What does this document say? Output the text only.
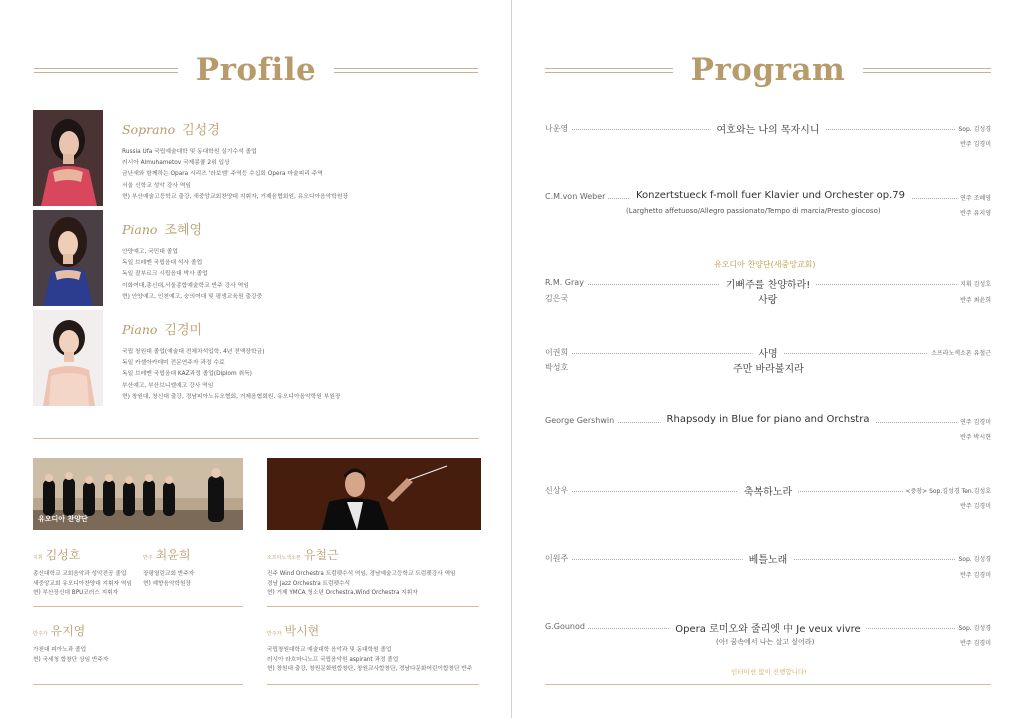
Profile
Soprano 김성경
Russia Ufa 국립예술대학 및 동대학원 실기수석 졸업
러시아 Almuhametov 국제콩쿨 2위 입상
금난새와 함께하는 Opara 시리즈 '라보엠' 주역등 수십회 Opera 마술피리 주역
서울 신학교 성악 강사 역임
현) 부산예술고등학교 출강, 새중앙교회찬양대 지휘자, 거제음협회원, 유오디아음악학원장
Piano 조혜영
안양예고, 국민대 졸업
독일 브레멘 국립음대 석사 졸업
독일 잘부르크 시립음대 박사 졸업
이화여대,총신대,서울종합예술학교 반주 강사 역임
현) 안양예고, 인천예고, 숭의여대 및 평생교육원 출강중
Piano 김경미
국립 창원대 졸업(예술대 전체차석입학, 4년 전액장학금)
독일 카셀아카데미 전문연주자 과정 수료
독일 브레멘 국립음대 KAZ과정 졸업(Diplom 취득)
부산예고, 부산브니엘예고 강사 역임
현) 창원대, 창신대 출강, 경남피아노듀오협회, 거제음협회원, 유오디아음악학원 부원장
유오디아 찬양단
지휘 김성호
총신대학교 교회음악과 성악전공 졸업
새중앙교회 유오디아찬양대 지휘자 역임
현) 부산장신대 BPU코러스 지휘자
반주 최윤희
장평열린교회 반주자
현) 예향음악학원장
소프라노색소폰 유철근
진주 Wind Orchestra 트럼펫수석 역임, 경남예술고등학교 트럼펫강사 역임
경남 Jazz Orchestra 트럼펫수석
현) 거제 YMCA 청소년 Orchestra,Wind Orchestra 지휘자
반주자 유지영
가천대 피아노과 졸업
현) 국세청 합창단 상임 반주자
반주자 박시현
국립창원대학교 예술대학 음악과 및 동대학원 졸업
러시아 라흐마니노프 국립음악원 aspirant 과정 졸업
현) 창원대 출강, 창원문화원합창단, 창원교사합창단, 경남다문화어린이합창단 반주
Program
나운영	여호와는 나의 목자시니	Sop. 김성경
반주 김경미
C.M.von Weber	Konzertstueck f-moll fuer Klavier und Orchester op.79	연주 조혜영
(Larghetto affetuoso/Allegro passionato/Tempo di marcia/Presto giocoso)	반주 유지영
유오디아 찬양단(새중앙교회)
R.M. Gray	기뻐주를 찬양하라!	지휘 김성호
김은국	사랑	반주 최윤희
이권희	사명	소프라노색소폰 유철근
박성호	주만 바라볼지라
George Gershwin	Rhapsody in Blue for piano and Orchstra	연주 김경미
반주 박시현
신상우	축복하노라	<중창> Sop.김성경 Ten.김성호
반주 김경미
이원주	베틀노래	Sop. 김성경
반주 김경미
G.Gounod	Opera 로미오와 줄리엣 中 Je veux vivre	Sop. 김성경
(아! 꿈속에서 나는 살고 싶어라)	반주 김경미
인터미션 없이 진행합니다!
